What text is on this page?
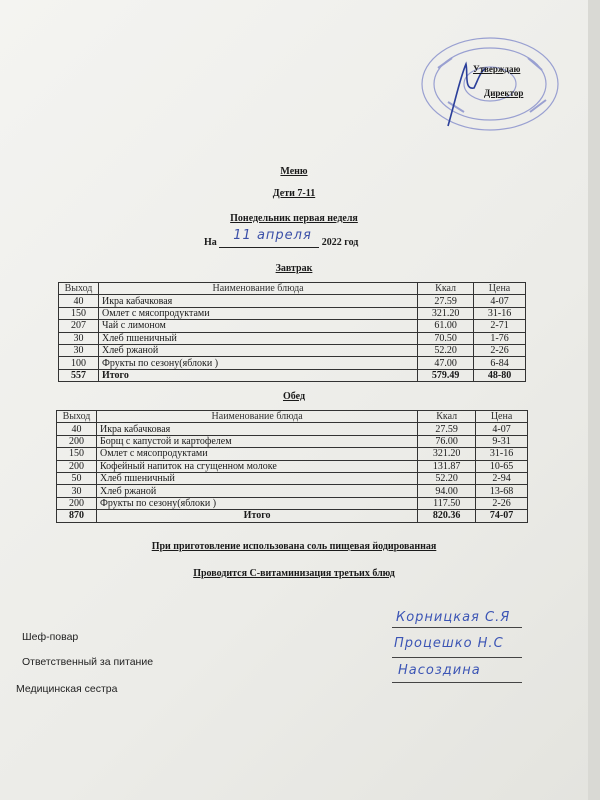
Утверждаю
Директор
Меню
Дети 7-11
Понедельник первая неделя
На 11 апреля 2022 год
Завтрак
Выход	Наименование блюда	Ккал	Цена
40	Икра кабачковая	27.59	4-07
150	Омлет с мясопродуктами	321.20	31-16
207	Чай с лимоном	61.00	2-71
30	Хлеб пшеничный	70.50	1-76
30	Хлеб ржаной	52.20	2-26
100	Фрукты по сезону(яблоки )	47.00	6-84
557	Итого	579.49	48-80
Обед
Выход	Наименование блюда	Ккал	Цена
40	Икра кабачковая	27.59	4-07
200	Борщ с капустой и картофелем	76.00	9-31
150	Омлет с мясопродуктами	321.20	31-16
200	Кофейный напиток на сгущенном молоке	131.87	10-65
50	Хлеб пшеничный	52.20	2-94
30	Хлеб ржаной	94.00	13-68
200	Фрукты по сезону(яблоки )	117.50	2-26
870	Итого	820.36	74-07
При приготовление использована соль пищевая йодированная
Проводится С-витаминизация третьих блюд
Шеф-повар
Корницкая С.Я
Ответственный за питание
Процешко Н.С
Медицинская сестра
Насоздина
